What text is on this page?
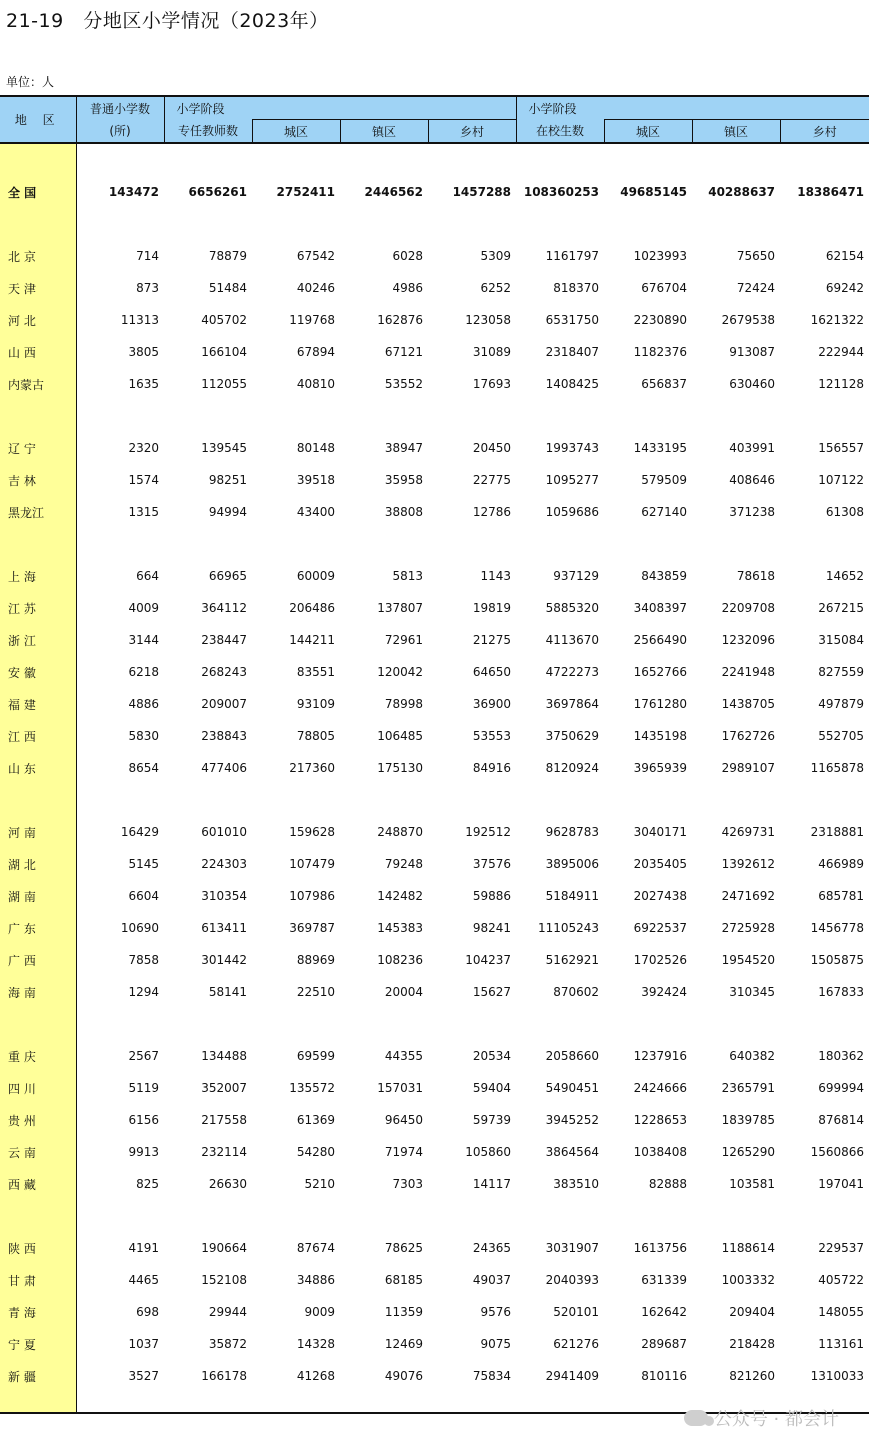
21-19   分地区小学情况（2023年）
单位：人
地 区	普通小学数	小学阶段				小学阶段			
	(所)	专任教师数	城区	镇区	乡村	在校生数	城区	镇区	乡村

全 国	143472	6656261	2752411	2446562	1457288	108360253	49685145	40288637	18386471

北 京	714	78879	67542	6028	5309	1161797	1023993	75650	62154
天 津	873	51484	40246	4986	6252	818370	676704	72424	69242
河 北	11313	405702	119768	162876	123058	6531750	2230890	2679538	1621322
山 西	3805	166104	67894	67121	31089	2318407	1182376	913087	222944
内蒙古	1635	112055	40810	53552	17693	1408425	656837	630460	121128

辽 宁	2320	139545	80148	38947	20450	1993743	1433195	403991	156557
吉 林	1574	98251	39518	35958	22775	1095277	579509	408646	107122
黑龙江	1315	94994	43400	38808	12786	1059686	627140	371238	61308

上 海	664	66965	60009	5813	1143	937129	843859	78618	14652
江 苏	4009	364112	206486	137807	19819	5885320	3408397	2209708	267215
浙 江	3144	238447	144211	72961	21275	4113670	2566490	1232096	315084
安 徽	6218	268243	83551	120042	64650	4722273	1652766	2241948	827559
福 建	4886	209007	93109	78998	36900	3697864	1761280	1438705	497879
江 西	5830	238843	78805	106485	53553	3750629	1435198	1762726	552705
山 东	8654	477406	217360	175130	84916	8120924	3965939	2989107	1165878

河 南	16429	601010	159628	248870	192512	9628783	3040171	4269731	2318881
湖 北	5145	224303	107479	79248	37576	3895006	2035405	1392612	466989
湖 南	6604	310354	107986	142482	59886	5184911	2027438	2471692	685781
广 东	10690	613411	369787	145383	98241	11105243	6922537	2725928	1456778
广 西	7858	301442	88969	108236	104237	5162921	1702526	1954520	1505875
海 南	1294	58141	22510	20004	15627	870602	392424	310345	167833

重 庆	2567	134488	69599	44355	20534	2058660	1237916	640382	180362
四 川	5119	352007	135572	157031	59404	5490451	2424666	2365791	699994
贵 州	6156	217558	61369	96450	59739	3945252	1228653	1839785	876814
云 南	9913	232114	54280	71974	105860	3864564	1038408	1265290	1560866
西 藏	825	26630	5210	7303	14117	383510	82888	103581	197041

陕 西	4191	190664	87674	78625	24365	3031907	1613756	1188614	229537
甘 肃	4465	152108	34886	68185	49037	2040393	631339	1003332	405722
青 海	698	29944	9009	11359	9576	520101	162642	209404	148055
宁 夏	1037	35872	14328	12469	9075	621276	289687	218428	113161
新 疆	3527	166178	41268	49076	75834	2941409	810116	821260	1310033

公众号 · 都会计
